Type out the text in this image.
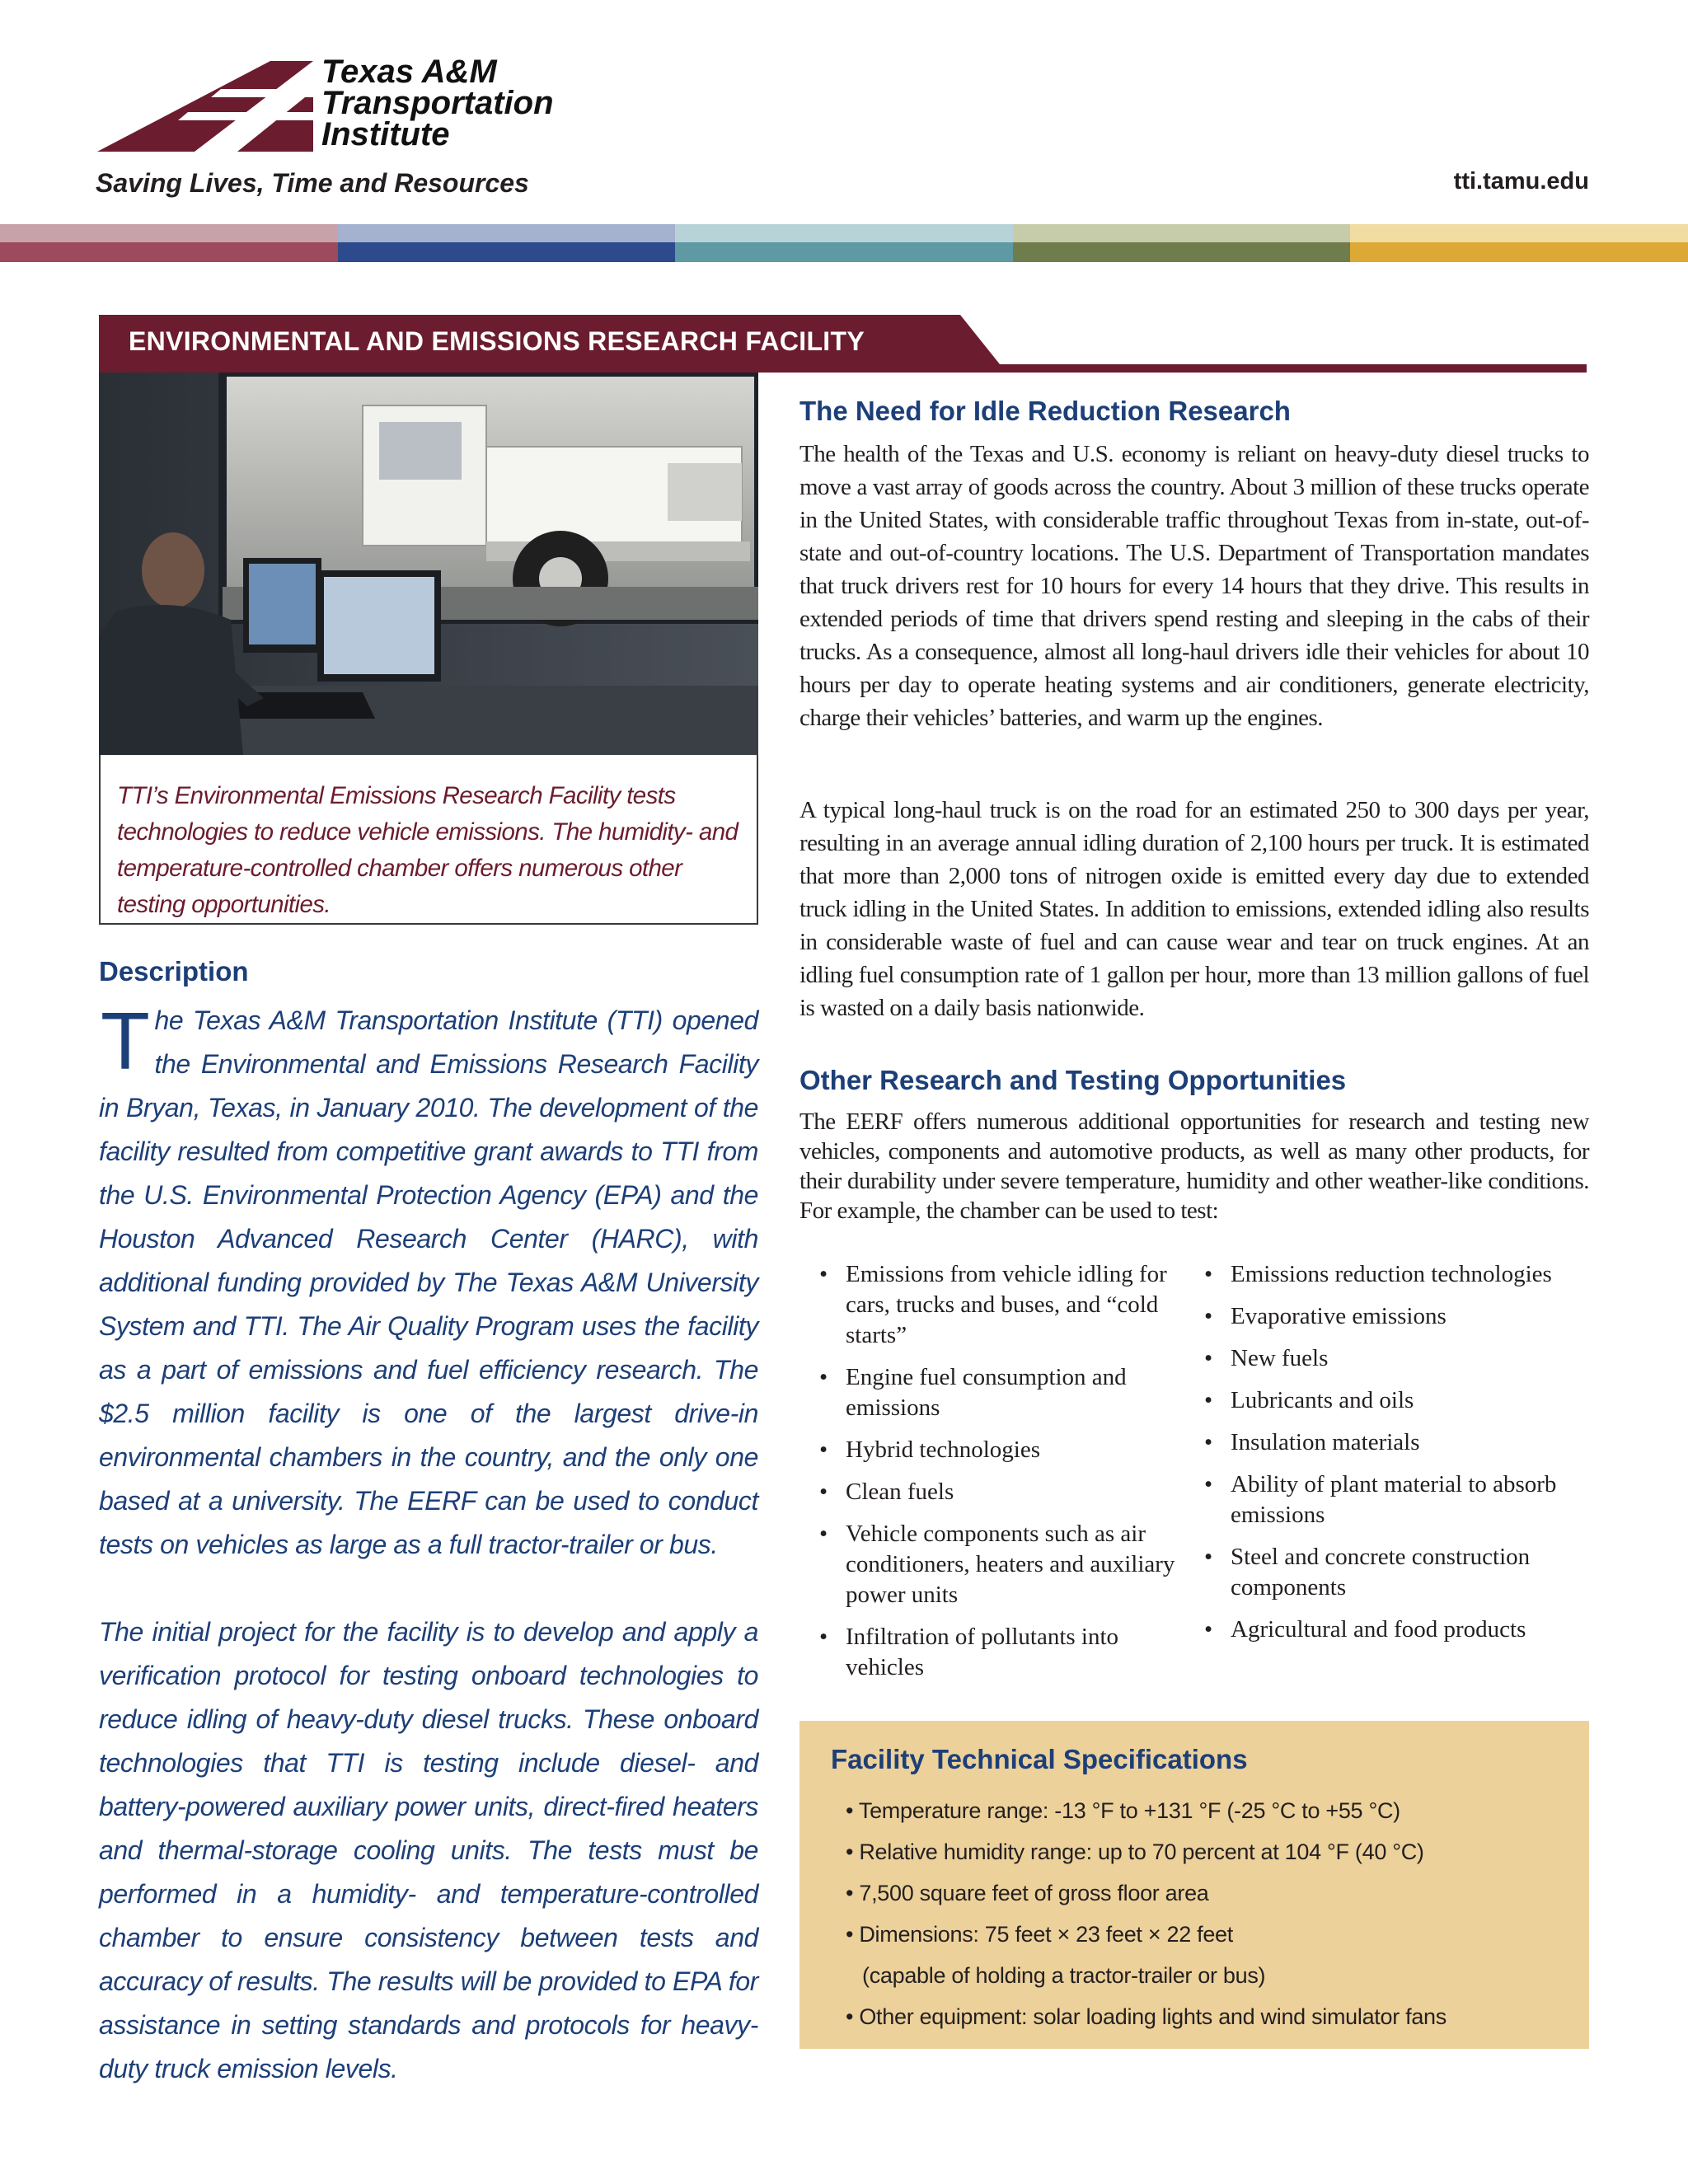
Texas A&M
Transportation
Institute
Saving Lives, Time and Resources	tti.tamu.edu
ENVIRONMENTAL AND EMISSIONS RESEARCH FACILITY

TTI’s Environmental Emissions Research Facility tests technologies to reduce vehicle emissions. The humidity- and temperature-controlled chamber offers numerous other testing opportunities.

Description

The Texas A&M Transportation Institute (TTI) opened the Environmental and Emissions Research Facility in Bryan, Texas, in January 2010. The development of the facility resulted from competitive grant awards to TTI from the U.S. Environmental Protection Agency (EPA) and the Houston Advanced Research Center (HARC), with additional funding provided by The Texas A&M University System and TTI. The Air Quality Program uses the facility as a part of emissions and fuel efficiency research. The $2.5 million facility is one of the largest drive-in environmental chambers in the country, and the only one based at a university. The EERF can be used to conduct tests on vehicles as large as a full tractor-trailer or bus.

The initial project for the facility is to develop and apply a verification protocol for testing onboard technologies to reduce idling of heavy-duty diesel trucks. These onboard technologies that TTI is testing include diesel- and battery-powered auxiliary power units, direct-fired heaters and thermal-storage cooling units. The tests must be performed in a humidity- and temperature-controlled chamber to ensure consistency between tests and accuracy of results. The results will be provided to EPA for assistance in setting standards and protocols for heavy-duty truck emission levels.

The Need for Idle Reduction Research

The health of the Texas and U.S. economy is reliant on heavy-duty diesel trucks to move a vast array of goods across the country. About 3 million of these trucks operate in the United States, with considerable traffic throughout Texas from in-state, out-of-state and out-of-country locations. The U.S. Department of Transportation mandates that truck drivers rest for 10 hours for every 14 hours that they drive. This results in extended periods of time that drivers spend resting and sleeping in the cabs of their trucks. As a consequence, almost all long-haul drivers idle their vehicles for about 10 hours per day to operate heating systems and air conditioners, generate electricity, charge their vehicles’ batteries, and warm up the engines.

A typical long-haul truck is on the road for an estimated 250 to 300 days per year, resulting in an average annual idling duration of 2,100 hours per truck. It is estimated that more than 2,000 tons of nitrogen oxide is emitted every day due to extended truck idling in the United States. In addition to emissions, extended idling also results in considerable waste of fuel and can cause wear and tear on truck engines. At an idling fuel consumption rate of 1 gallon per hour, more than 13 million gallons of fuel is wasted on a daily basis nationwide.

Other Research and Testing Opportunities

The EERF offers numerous additional opportunities for research and testing new vehicles, components and automotive products, as well as many other products, for their durability under severe temperature, humidity and other weather-like conditions. For example, the chamber can be used to test:

• Emissions from vehicle idling for cars, trucks and buses, and “cold starts”
• Engine fuel consumption and emissions
• Hybrid technologies
• Clean fuels
• Vehicle components such as air conditioners, heaters and auxiliary power units
• Infiltration of pollutants into vehicles
• Emissions reduction technologies
• Evaporative emissions
• New fuels
• Lubricants and oils
• Insulation materials
• Ability of plant material to absorb emissions
• Steel and concrete construction components
• Agricultural and food products
Facility Technical Specifications
• Temperature range: -13 °F to +131 °F (-25 °C to +55 °C)
• Relative humidity range: up to 70 percent at 104 °F (40 °C)
• 7,500 square feet of gross floor area
• Dimensions: 75 feet × 23 feet × 22 feet
(capable of holding a tractor-trailer or bus)
• Other equipment: solar loading lights and wind simulator fans
